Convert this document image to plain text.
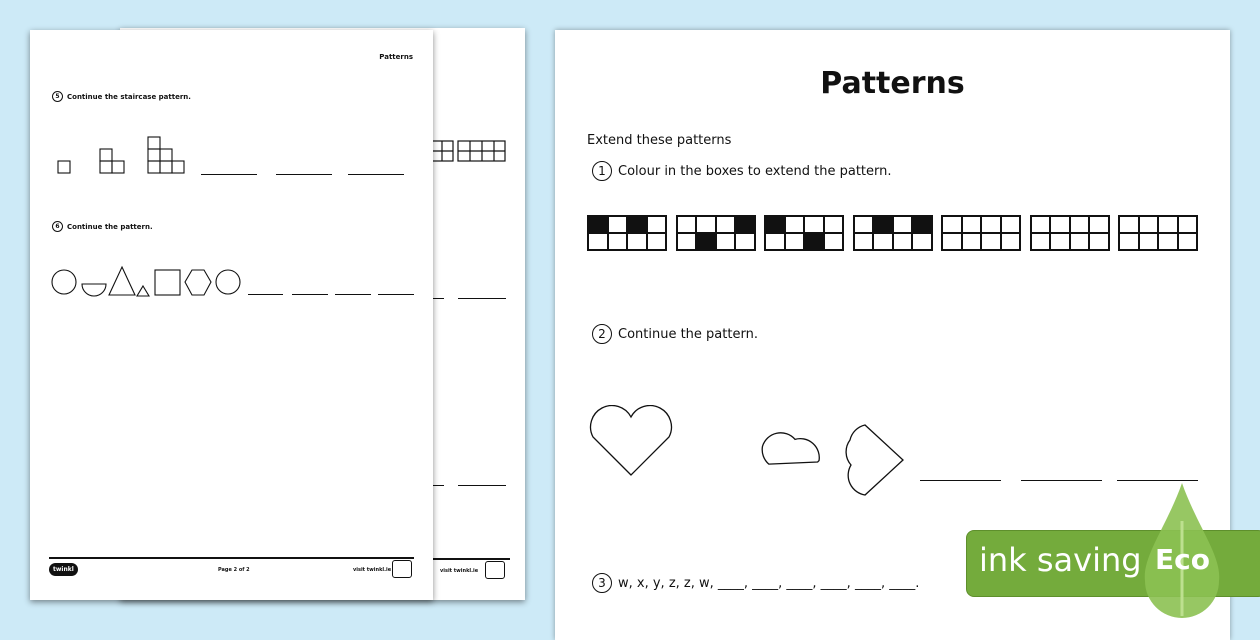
visit twinkl.ie
Patterns
5	Continue the staircase pattern.
6	Continue the pattern.
twinkl	Page 2 of 2	visit twinkl.ie
Patterns
Extend these patterns
1 Colour in the boxes to extend the pattern.
2 Continue the pattern.
3 w, x, y, z, z, w, ____, ____, ____, ____, ____, ____.
ink saving Eco
